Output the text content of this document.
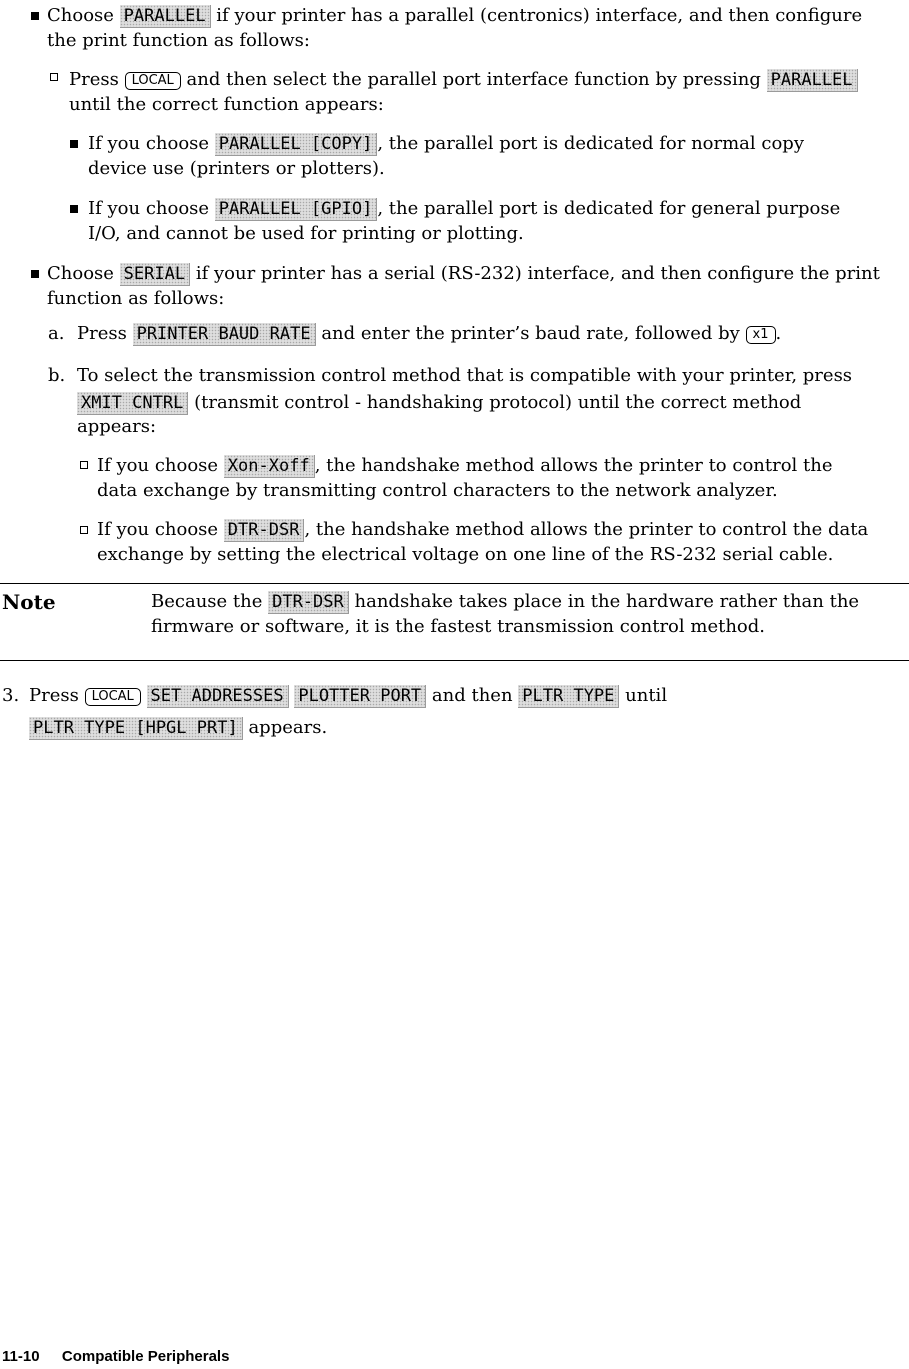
Choose PARALLEL if your printer has a parallel (centronics) interface, and then configure
the print function as follows:
Press LOCAL and then select the parallel port interface function by pressing PARALLEL
until the correct function appears:
If you choose PARALLEL [COPY] , the parallel port is dedicated for normal copy
device use (printers or plotters).
If you choose PARALLEL [GPIO] , the parallel port is dedicated for general purpose
I/O, and cannot be used for printing or plotting.
Choose SERIAL if your printer has a serial (RS-232) interface, and then configure the print
function as follows:
a. Press PRINTER BAUD RATE and enter the printer’s baud rate, followed by x1 .
b. To select the transmission control method that is compatible with your printer, press
XMIT CNTRL (transmit control - handshaking protocol) until the correct method
appears:
If you choose Xon-Xoff , the handshake method allows the printer to control the
data exchange by transmitting control characters to the network analyzer.
If you choose DTR-DSR , the handshake method allows the printer to control the data
exchange by setting the electrical voltage on one line of the RS-232 serial cable.
Note	Because the DTR-DSR handshake takes place in the hardware rather than the
firmware or software, it is the fastest transmission control method.
3. Press LOCAL SET ADDRESSES PLOTTER PORT and then PLTR TYPE until
PLTR TYPE [HPGL PRT] appears.
11-10 Compatible Peripherals
